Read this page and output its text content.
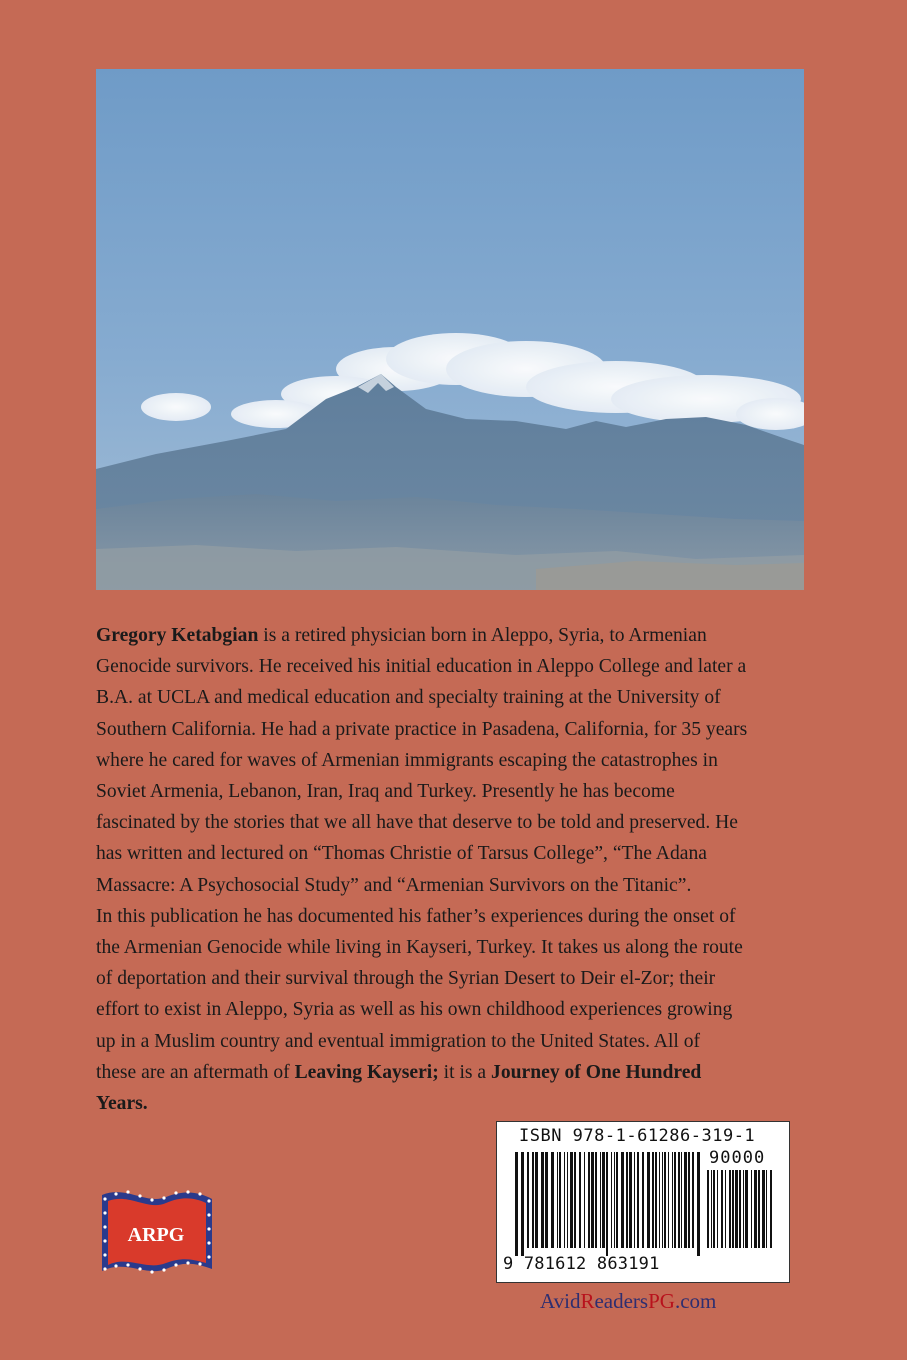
Gregory Ketabgian is a retired physician born in Aleppo, Syria, to Armenian
Genocide survivors. He received his initial education in Aleppo College and later a
B.A. at UCLA and medical education and specialty training at the University of
Southern California. He had a private practice in Pasadena, California, for 35 years
where he cared for waves of Armenian immigrants escaping the catastrophes in
Soviet Armenia, Lebanon, Iran, Iraq and Turkey. Presently he has become
fascinated by the stories that we all have that deserve to be told and preserved. He
has written and lectured on “Thomas Christie of Tarsus College”, “The Adana
Massacre: A Psychosocial Study” and “Armenian Survivors on the Titanic”.
In this publication he has documented his father’s experiences during the onset of
the Armenian Genocide while living in Kayseri, Turkey. It takes us along the route
of deportation and their survival through the Syrian Desert to Deir el-Zor; their
effort to exist in Aleppo, Syria as well as his own childhood experiences growing
up in a Muslim country and eventual immigration to the United States. All of
these are an aftermath of Leaving Kayseri; it is a Journey of One Hundred
Years.

ISBN 978-1-61286-319-1
90000
9 781612 863191
ARPG
AvidReadersPG.com
